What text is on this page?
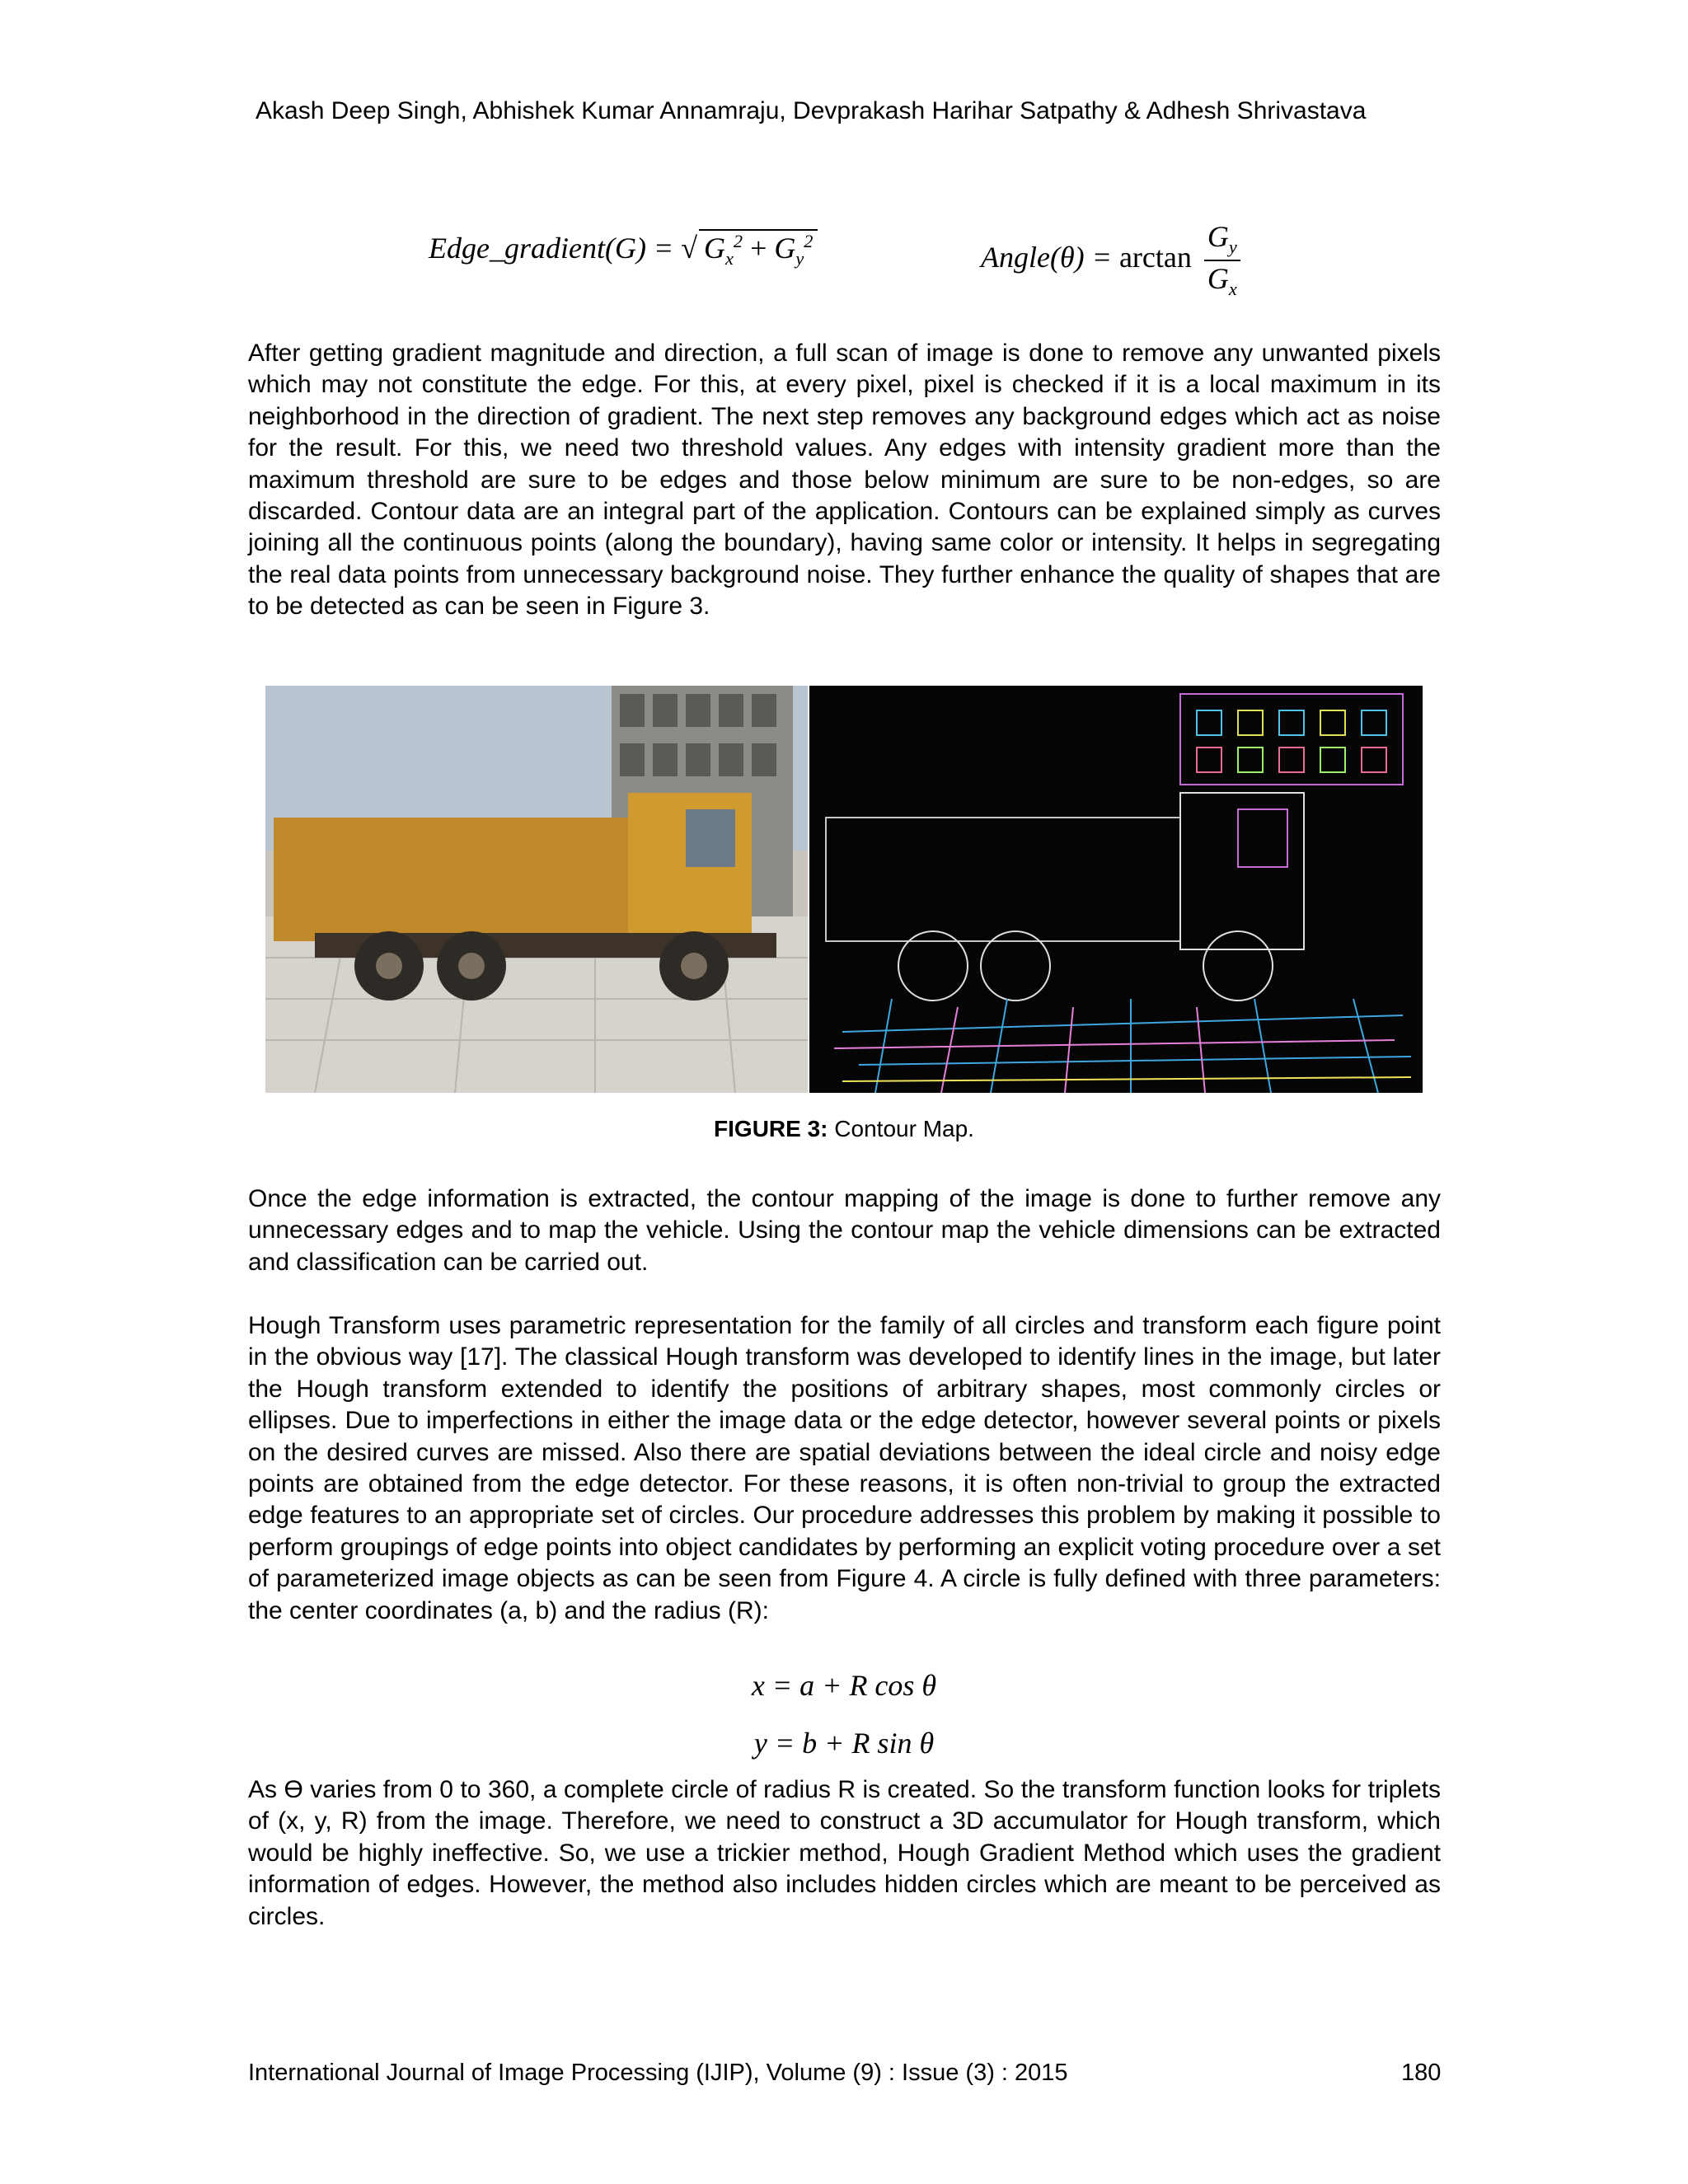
Akash Deep Singh, Abhishek Kumar Annamraju, Devprakash Harihar Satpathy & Adhesh Shrivastava
Edge_gradient(G) = √ $G_x^2 + G_y^2$	Angle(θ) = $\arctan \frac{G_y}{G_x}$

After getting gradient magnitude and direction, a full scan of image is done to remove any unwanted pixels which may not constitute the edge. For this, at every pixel, pixel is checked if it is a local maximum in its neighborhood in the direction of gradient. The next step removes any background edges which act as noise for the result. For this, we need two threshold values. Any edges with intensity gradient more than the maximum threshold are sure to be edges and those below minimum are sure to be non-edges, so are discarded. Contour data are an integral part of the application. Contours can be explained simply as curves joining all the continuous points (along the boundary), having same color or intensity. It helps in segregating the real data points from unnecessary background noise. They further enhance the quality of shapes that are to be detected as can be seen in Figure 3.

FIGURE 3: Contour Map.

Once the edge information is extracted, the contour mapping of the image is done to further remove any unnecessary edges and to map the vehicle. Using the contour map the vehicle dimensions can be extracted and classification can be carried out.

Hough Transform uses parametric representation for the family of all circles and transform each figure point in the obvious way [17]. The classical Hough transform was developed to identify lines in the image, but later the Hough transform extended to identify the positions of arbitrary shapes, most commonly circles or ellipses. Due to imperfections in either the image data or the edge detector, however several points or pixels on the desired curves are missed. Also there are spatial deviations between the ideal circle and noisy edge points are obtained from the edge detector. For these reasons, it is often non-trivial to group the extracted edge features to an appropriate set of circles. Our procedure addresses this problem by making it possible to perform groupings of edge points into object candidates by performing an explicit voting procedure over a set of parameterized image objects as can be seen from Figure 4. A circle is fully defined with three parameters: the center coordinates (a, b) and the radius (R):

x = a + R cos θ
y = b + R sin θ

As Ɵ varies from 0 to 360, a complete circle of radius R is created. So the transform function looks for triplets of (x, y, R) from the image. Therefore, we need to construct a 3D accumulator for Hough transform, which would be highly ineffective. So, we use a trickier method, Hough Gradient Method which uses the gradient information of edges. However, the method also includes hidden circles which are meant to be perceived as circles.

International Journal of Image Processing (IJIP), Volume (9) : Issue (3) : 2015	180
